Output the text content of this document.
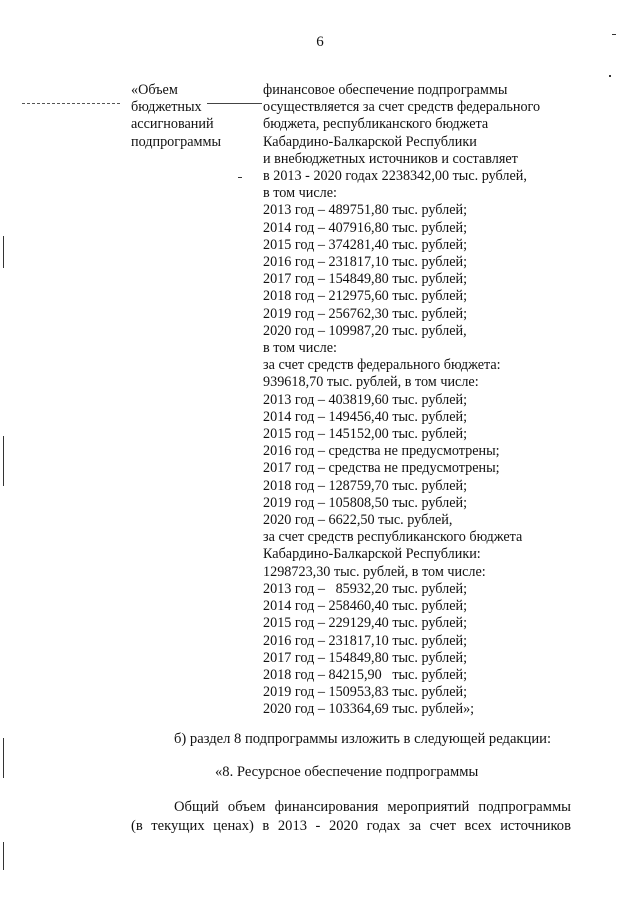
6
«Объем
бюджетных
ассигнований
подпрограммы
финансовое обеспечение подпрограммы
осуществляется за счет средств федерального
бюджета, республиканского бюджета
Кабардино-Балкарской Республики
и внебюджетных источников и составляет
в 2013 - 2020 годах 2238342,00 тыс. рублей,
в том числе:
2013 год – 489751,80 тыс. рублей;
2014 год – 407916,80 тыс. рублей;
2015 год – 374281,40 тыс. рублей;
2016 год – 231817,10 тыс. рублей;
2017 год – 154849,80 тыс. рублей;
2018 год – 212975,60 тыс. рублей;
2019 год – 256762,30 тыс. рублей;
2020 год – 109987,20 тыс. рублей,
в том числе:
за счет средств федерального бюджета:
939618,70 тыс. рублей, в том числе:
2013 год – 403819,60 тыс. рублей;
2014 год – 149456,40 тыс. рублей;
2015 год – 145152,00 тыс. рублей;
2016 год – средства не предусмотрены;
2017 год – средства не предусмотрены;
2018 год – 128759,70 тыс. рублей;
2019 год – 105808,50 тыс. рублей;
2020 год – 6622,50 тыс. рублей,
за счет средств республиканского бюджета
Кабардино-Балкарской Республики:
1298723,30 тыс. рублей, в том числе:
2013 год –   85932,20 тыс. рублей;
2014 год – 258460,40 тыс. рублей;
2015 год – 229129,40 тыс. рублей;
2016 год – 231817,10 тыс. рублей;
2017 год – 154849,80 тыс. рублей;
2018 год – 84215,90   тыс. рублей;
2019 год – 150953,83 тыс. рублей;
2020 год – 103364,69 тыс. рублей»;
б) раздел 8 подпрограммы изложить в следующей редакции:
«8. Ресурсное обеспечение подпрограммы
Общий объем финансирования мероприятий подпрограммы
(в текущих ценах) в 2013 - 2020 годах за счет всех источников
